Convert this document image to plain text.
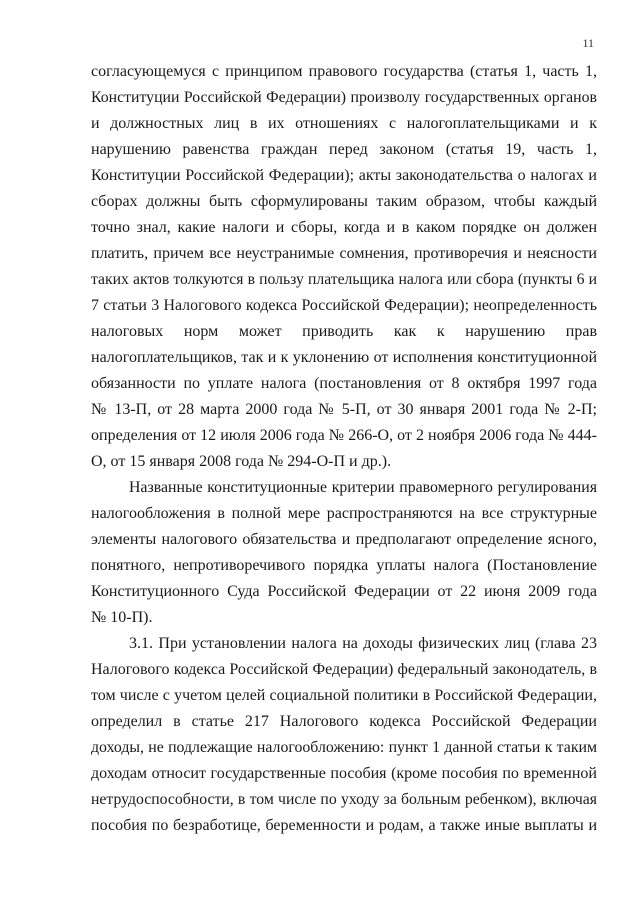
11
согласующемуся с принципом правового государства (статья 1, часть 1,
Конституции Российской Федерации) произволу государственных органов
и должностных лиц в их отношениях с налогоплательщиками и к
нарушению равенства граждан перед законом (статья 19, часть 1,
Конституции Российской Федерации); акты законодательства о налогах и
сборах должны быть сформулированы таким образом, чтобы каждый
точно знал, какие налоги и сборы, когда и в каком порядке он должен
платить, причем все неустранимые сомнения, противоречия и неясности
таких актов толкуются в пользу плательщика налога или сбора (пункты 6 и
7 статьи 3 Налогового кодекса Российской Федерации); неопределенность
налоговых норм может приводить как к нарушению прав
налогоплательщиков, так и к уклонению от исполнения конституционной
обязанности по уплате налога (постановления от 8 октября 1997 года
№ 13-П, от 28 марта 2000 года № 5-П, от 30 января 2001 года № 2-П;
определения от 12 июля 2006 года № 266-О, от 2 ноября 2006 года № 444-
О, от 15 января 2008 года № 294-О-П и др.).
Названные конституционные критерии правомерного регулирования
налогообложения в полной мере распространяются на все структурные
элементы налогового обязательства и предполагают определение ясного,
понятного, непротиворечивого порядка уплаты налога (Постановление
Конституционного Суда Российской Федерации от 22 июня 2009 года
№ 10-П).
3.1. При установлении налога на доходы физических лиц (глава 23
Налогового кодекса Российской Федерации) федеральный законодатель, в
том числе с учетом целей социальной политики в Российской Федерации,
определил в статье 217 Налогового кодекса Российской Федерации
доходы, не подлежащие налогообложению: пункт 1 данной статьи к таким
доходам относит государственные пособия (кроме пособия по временной
нетрудоспособности, в том числе по уходу за больным ребенком), включая
пособия по безработице, беременности и родам, а также иные выплаты и
